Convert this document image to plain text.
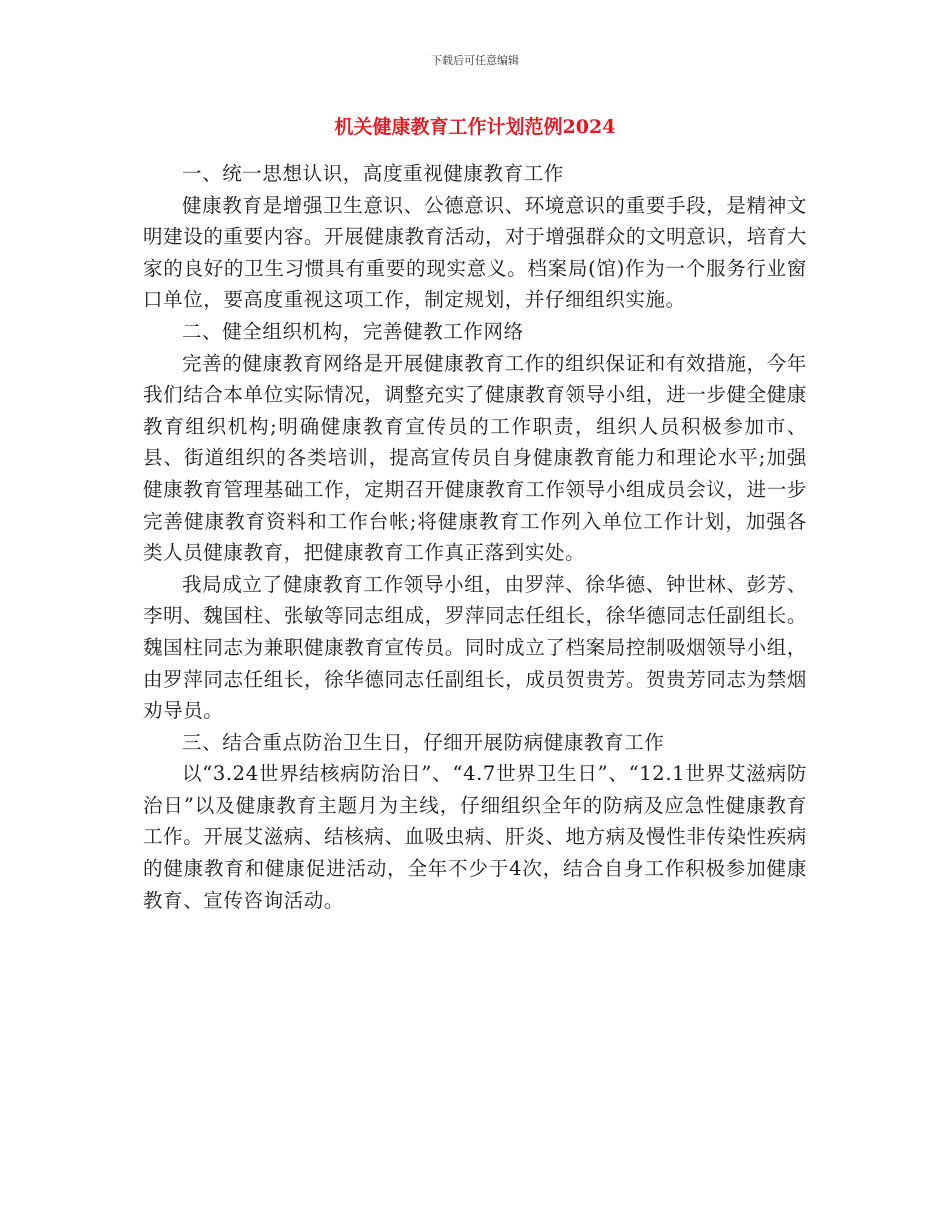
下载后可任意编辑
机关健康教育工作计划范例2024

一、统一思想认识，高度重视健康教育工作

健康教育是增强卫生意识、公德意识、环境意识的重要手段，是精神文明建设的重要内容。开展健康教育活动，对于增强群众的文明意识，培育大家的良好的卫生习惯具有重要的现实意义。档案局(馆)作为一个服务行业窗口单位，要高度重视这项工作，制定规划，并仔细组织实施。

二、健全组织机构，完善健教工作网络

完善的健康教育网络是开展健康教育工作的组织保证和有效措施，今年我们结合本单位实际情况，调整充实了健康教育领导小组，进一步健全健康教育组织机构;明确健康教育宣传员的工作职责，组织人员积极参加市、县、街道组织的各类培训，提高宣传员自身健康教育能力和理论水平;加强健康教育管理基础工作，定期召开健康教育工作领导小组成员会议，进一步完善健康教育资料和工作台帐;将健康教育工作列入单位工作计划，加强各类人员健康教育，把健康教育工作真正落到实处。

我局成立了健康教育工作领导小组，由罗萍、徐华德、钟世林、彭芳、李明、魏国柱、张敏等同志组成，罗萍同志任组长，徐华德同志任副组长。魏国柱同志为兼职健康教育宣传员。同时成立了档案局控制吸烟领导小组，由罗萍同志任组长，徐华德同志任副组长，成员贺贵芳。贺贵芳同志为禁烟劝导员。

三、结合重点防治卫生日，仔细开展防病健康教育工作

以“3.24世界结核病防治日”、“4.7世界卫生日”、“12.1世界艾滋病防治日”以及健康教育主题月为主线，仔细组织全年的防病及应急性健康教育工作。开展艾滋病、结核病、血吸虫病、肝炎、地方病及慢性非传染性疾病的健康教育和健康促进活动，全年不少于4次，结合自身工作积极参加健康教育、宣传咨询活动。
